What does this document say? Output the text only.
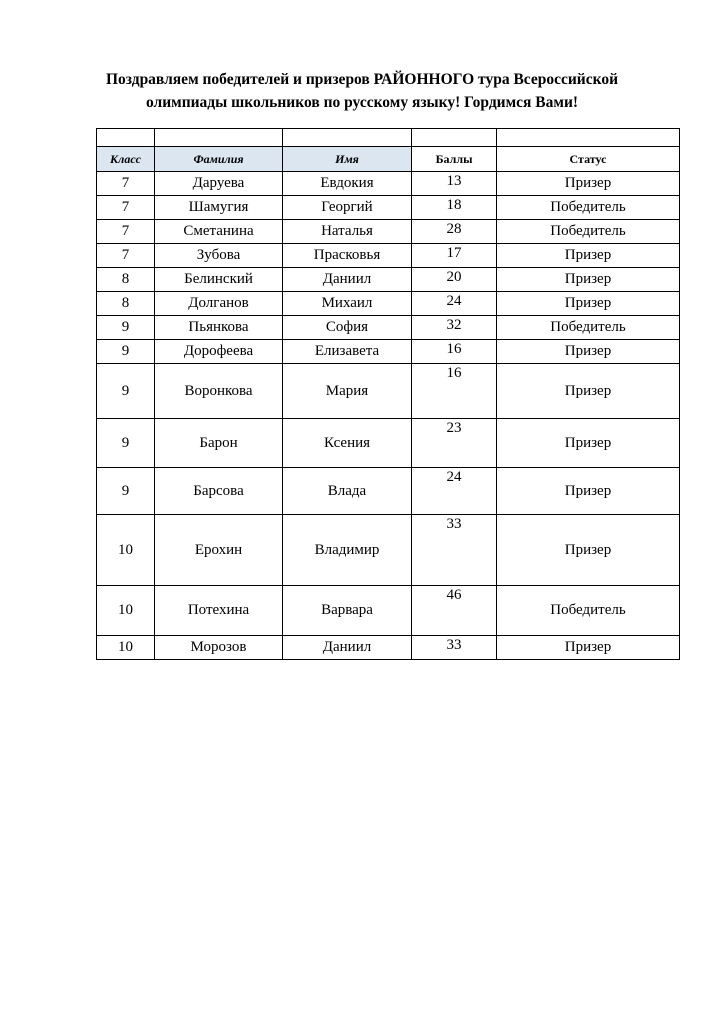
Поздравляем победителей и призеров РАЙОННОГО тура Всероссийской
олимпиады школьников по русскому языку! Гордимся Вами!

Класс	Фамилия	Имя	Баллы	Статус
7	Даруева	Евдокия	13	Призер
7	Шамугия	Георгий	18	Победитель
7	Сметанина	Наталья	28	Победитель
7	Зубова	Прасковья	17	Призер
8	Белинский	Даниил	20	Призер
8	Долганов	Михаил	24	Призер
9	Пьянкова	София	32	Победитель
9	Дорофеева	Елизавета	16	Призер
9	Воронкова	Мария	16	Призер
9	Барон	Ксения	23	Призер
9	Барсова	Влада	24	Призер
10	Ерохин	Владимир	33	Призер
10	Потехина	Варвара	46	Победитель
10	Морозов	Даниил	33	Призер
